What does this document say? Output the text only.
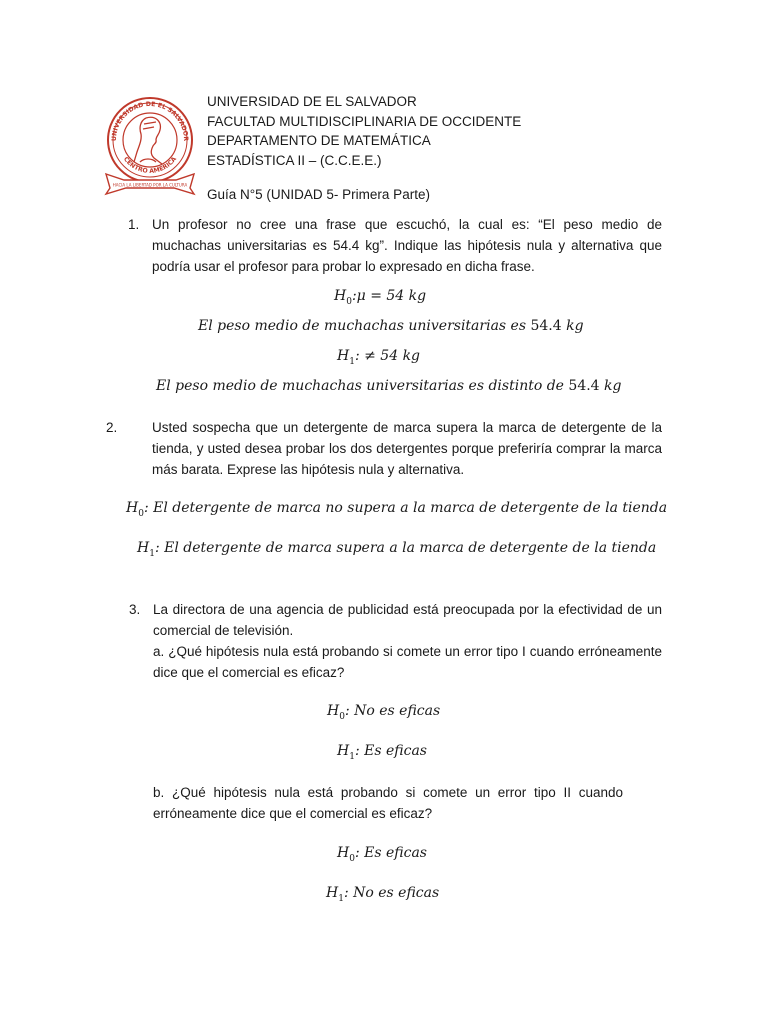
UNIVERSIDAD DE EL SALVADOR
CENTRO AMERICA
HACIA LA LIBERTAD POR LA CULTURA
UNIVERSIDAD DE EL SALVADOR
FACULTAD MULTIDISCIPLINARIA DE OCCIDENTE
DEPARTAMENTO DE MATEMÁTICA
ESTADÍSTICA II – (C.C.E.E.)
Guía N°5 (UNIDAD 5- Primera Parte)
1. Un profesor no cree una frase que escuchó, la cual es: “El peso medio de muchachas universitarias es 54.4 kg”. Indique las hipótesis nula y alternativa que podría usar el profesor para probar lo expresado en dicha frase.
$H_0:\mu = 54$ kg
El peso medio de muchachas universitarias es 54.4 kg
$H_1$: ≠ 54 kg
El peso medio de muchachas universitarias es distinto de 54.4 kg
2.	Usted sospecha que un detergente de marca supera la marca de detergente de la tienda, y usted desea probar los dos detergentes porque preferiría comprar la marca más barata. Exprese las hipótesis nula y alternativa.
$H_0$: El detergente de marca no supera a la marca de detergente de la tienda
$H_1$: El detergente de marca supera a la marca de detergente de la tienda
3. La directora de una agencia de publicidad está preocupada por la efectividad de un comercial de televisión.
a. ¿Qué hipótesis nula está probando si comete un error tipo I cuando erróneamente dice que el comercial es eficaz?
$H_0$: No es eficas
$H_1$: Es eficas
b. ¿Qué hipótesis nula está probando si comete un error tipo II cuando erróneamente dice que el comercial es eficaz?
$H_0$: Es eficas
$H_1$: No es eficas
